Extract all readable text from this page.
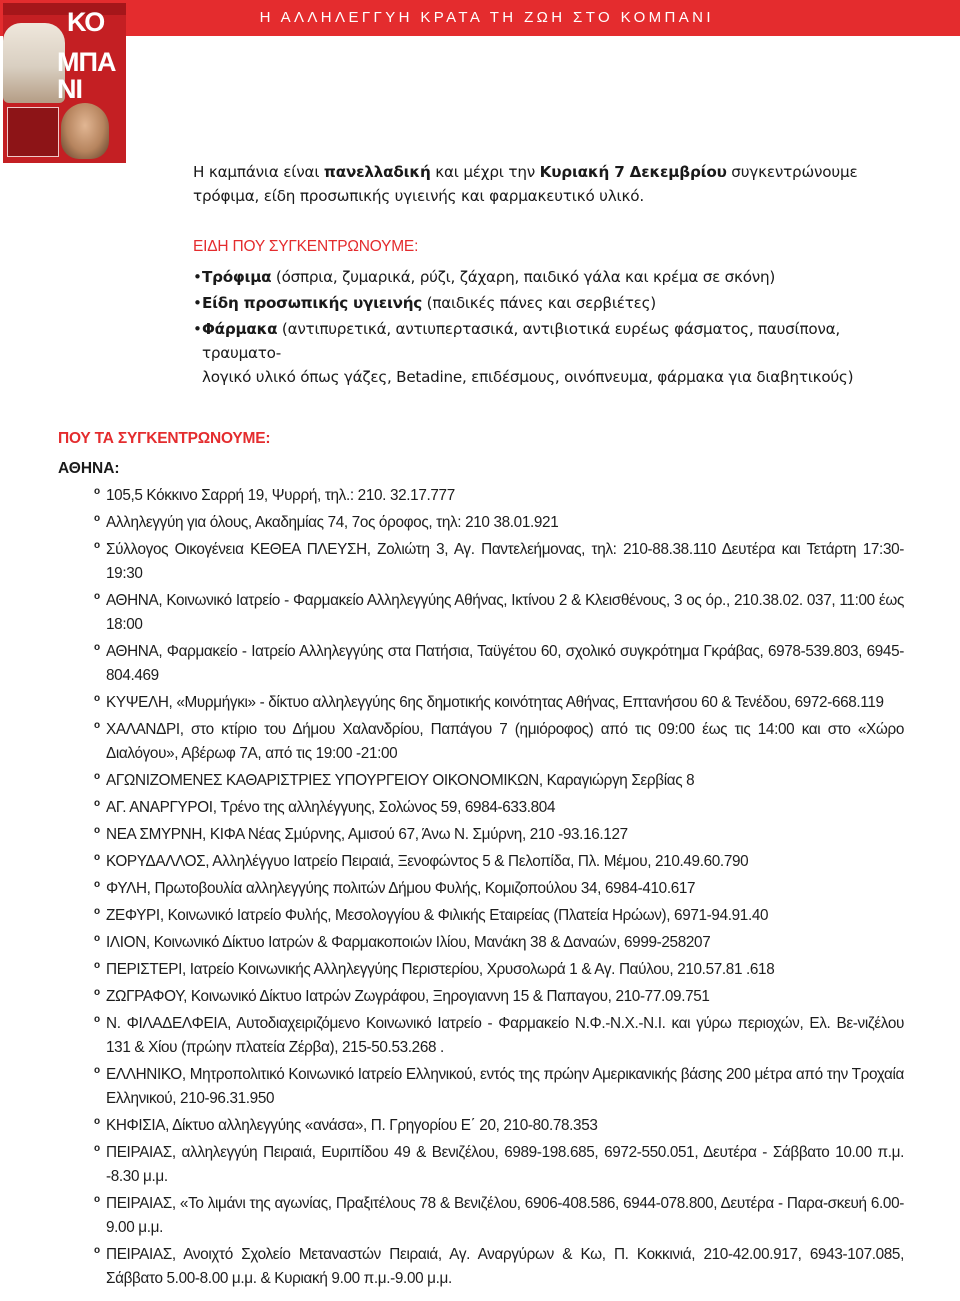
Η ΑΛΛΗΛΕΓΓΥΗ ΚΡΑΤΑ ΤΗ ΖΩΗ ΣΤΟ ΚΟΜΠΑΝΙ
ΚΟ
ΜΠΑ ΝΙ
Η καμπάνια είναι πανελλαδική και μέχρι την Κυριακή 7 Δεκεμβρίου συγκεντρώνουμε τρόφιμα, είδη προσωπικής υγιεινής και φαρμακευτικό υλικό.
ΕΙΔΗ ΠΟΥ ΣΥΓΚΕΝΤΡΩΝΟΥΜΕ:
• Τρόφιμα (όσπρια, ζυμαρικά, ρύζι, ζάχαρη, παιδικό γάλα και κρέμα σε σκόνη)
• Είδη προσωπικής υγιεινής (παιδικές πάνες και σερβιέτες)
• Φάρμακα (αντιπυρετικά, αντιυπερτασικά, αντιβιοτικά ευρέως φάσματος, παυσίπονα, τραυματο-
λογικό υλικό όπως γάζες, Betadine, επιδέσμους, οινόπνευμα, φάρμακα για διαβητικούς)
ΠΟΥ ΤΑ ΣΥΓΚΕΝΤΡΩΝΟΥΜΕ:
ΑΘΗΝΑ:
o 105,5 Κόκκινο Σαρρή 19, Ψυρρή, τηλ.: 210. 32.17.777
o Αλληλεγγύη για όλους, Ακαδημίας 74, 7ος όροφος, τηλ: 210 38.01.921
o Σύλλογος Οικογένεια ΚΕΘΕΑ ΠΛΕΥΣΗ, Ζολιώτη 3, Αγ. Παντελεήμονας, τηλ: 210-88.38.110 Δευτέρα και Τετάρτη 17:30-19:30
o ΑΘΗΝΑ, Κοινωνικό Ιατρείο - Φαρμακείο Αλληλεγγύης Αθήνας, Ικτίνου 2 & Κλεισθένους, 3 ος όρ., 210.38.02. 037, 11:00 έως 18:00
o ΑΘΗΝΑ, Φαρμακείο - Ιατρείο Αλληλεγγύης στα Πατήσια, Ταϋγέτου 60, σχολικό συγκρότημα Γκράβας, 6978-539.803, 6945-804.469
o ΚΥΨΕΛΗ, «Μυρμήγκι» - δίκτυο αλληλεγγύης 6ης δημοτικής κοινότητας Αθήνας, Επτανήσου 60 & Τενέδου, 6972-668.119
o ΧΑΛΑΝΔΡΙ, στο κτίριο του Δήμου Χαλανδρίου, Παπάγου 7 (ημιόροφος) από τις 09:00 έως τις 14:00 και στο «Χώρο Διαλόγου», Αβέρωφ 7Α, από τις 19:00 -21:00
o ΑΓΩΝΙΖΟΜΕΝΕΣ ΚΑΘΑΡΙΣΤΡΙΕΣ ΥΠΟΥΡΓΕΙΟΥ ΟΙΚΟΝΟΜΙΚΩΝ, Καραγιώργη Σερβίας 8
o ΑΓ. ΑΝΑΡΓΥΡΟΙ, Τρένο της αλληλέγγυης, Σολώνος 59, 6984-633.804
o ΝΕΑ ΣΜΥΡΝΗ, ΚΙΦΑ Νέας Σμύρνης, Αμισού 67, Άνω Ν. Σμύρνη, 210 -93.16.127
o ΚΟΡΥΔΑΛΛΟΣ, Αλληλέγγυο Ιατρείο Πειραιά, Ξενοφώντος 5 & Πελοπίδα, Πλ. Μέμου, 210.49.60.790
o ΦΥΛΗ, Πρωτοβουλία αλληλεγγύης πολιτών Δήμου Φυλής, Κομιζοπούλου 34, 6984-410.617
o ΖΕΦΥΡΙ, Κοινωνικό Ιατρείο Φυλής, Μεσολογγίου & Φιλικής Εταιρείας (Πλατεία Ηρώων), 6971-94.91.40
o ΙΛΙΟΝ, Κοινωνικό Δίκτυο Ιατρών & Φαρμακοποιών Ιλίου, Μανάκη 38 & Δαναών, 6999-258207
o ΠΕΡΙΣΤΕΡΙ, Ιατρείο Κοινωνικής Αλληλεγγύης Περιστερίου, Χρυσολωρά 1 & Αγ. Παύλου, 210.57.81 .618
o ΖΩΓΡΑΦΟΥ, Κοινωνικό Δίκτυο Ιατρών Ζωγράφου, Ξηρογιαννη 15 & Παπαγου, 210-77.09.751
o Ν. ΦΙΛΑΔΕΛΦΕΙΑ, Αυτοδιαχειριζόμενο Κοινωνικό Ιατρείο - Φαρμακείο Ν.Φ.-Ν.Χ.-Ν.Ι. και γύρω περιοχών, Ελ. Βε-νιζέλου 131 & Χίου (πρώην πλατεία Ζέρβα), 215-50.53.268 .
o ΕΛΛΗΝΙΚΟ, Μητροπολιτικό Κοινωνικό Ιατρείο Ελληνικού, εντός της πρώην Αμερικανικής βάσης 200 μέτρα από την Τροχαία Ελληνικού, 210-96.31.950
o ΚΗΦΙΣΙΑ, Δίκτυο αλληλεγγύης «ανάσα», Π. Γρηγορίου Ε΄ 20, 210-80.78.353
o ΠΕΙΡΑΙΑΣ, αλληλεγγύη Πειραιά, Ευριπίδου 49 & Βενιζέλου, 6989-198.685, 6972-550.051, Δευτέρα - Σάββατο 10.00 π.μ. -8.30 μ.μ.
o ΠΕΙΡΑΙΑΣ, «Το λιμάνι της αγωνίας, Πραξιτέλους 78 & Βενιζέλου, 6906-408.586, 6944-078.800, Δευτέρα - Παρα-σκευή 6.00-9.00 μ.μ.
o ΠΕΙΡΑΙΑΣ, Ανοιχτό Σχολείο Μεταναστών Πειραιά, Αγ. Αναργύρων & Κω, Π. Κοκκινιά, 210-42.00.917, 6943-107.085, Σάββατο 5.00-8.00 μ.μ. & Κυριακή 9.00 π.μ.-9.00 μ.μ.
